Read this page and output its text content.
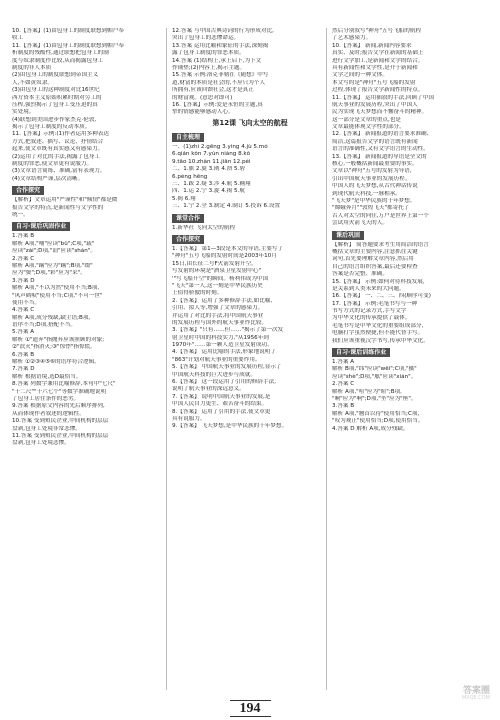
10.【答案】(1)由包身工的制度联想到帕户奉
收工
11.【答案】(1)由包身工的制度联想到帕户奉
析制度的残酷性,通过联想把包身工的制
度与奴隶制度作比较,从而揭露包身工
制度的非人本质
(2)由包身工的制度联想到帝国主义
人,不如黄奴隶。
(3)由包身工的这种制度对比16世纪
西方资本主义原始积累时期对劳工的
压榨,强烈揭示了包身工受压迫的真
实处境。
(4)联想到美国进步作家杰克·伦敦,
揭示了包身工制度的反动本质。
11.【答案】示例:(1)作者运用多种表达
方式,把叙述、描写、议论、抒情结合
起来,使文章既有真实感又有感染力。
(2)运用了对比的手法,揭露了包身工
制度的罪恶,使文章更有说服力。
(3)文章语言简练、准确,富有表现力。
(4)文章结构严谨,层次清晰。
合作探究
【解析】文章运用"严谨性"和"倾情"都是微
报告文学的特点,是新闻性与文学性的
统一。
自习·课后巩固作业
1.答案 B
解析 A项,"哺"应读"bǔ";C项,"载"
应读"zài";D项,"讪"应读"shàn"。
2.答案 C
解析 A项,"蹒"应为"蹒";B项,"缀"
应为"赘";D项,"彩"应为"采"。
3.答案 D
解析 A项,"不以为然"使用不当;B项,
"风声鹤唳"使用不当;C项,"不可一世"
使用不当。
4.答案 C
解析 A项,成分残缺,缺主语;B项,
语序不当;D项,搭配不当。
5.答案 A
解析 ①"遗弃"指抛弃应该照顾的对象;
②"泯灭"指消灭;③"惊悸"指惊慌。
6.答案 B
解析 ①②③④⑤⑥的语序符合逻辑。
7.答案 D
解析 根据语境,选D最恰当。
8.答案 列数字兼用比喻修辞,本句中"七尺"
"十二尺""十六七个"等数字准确地说明
了包身工居住条件的恶劣。
9.答案 根据原文内容的先后顺序排列,
从而体现作者叙述的逻辑性。
10.答案 受到殖民企业,中间机构的层层
盘剥,包身工处境非常悲惨。
11.答案 受到殖民企业,中间机构的层层
盘剥,包身工处境悲惨。
12.答案 与中国古典诗词的行为形成对比,
突出了包身工的悲惨命运。
13.答案 运用比喻和象征的手法,深刻揭
露了包身工制度的罪恶本质。
14.答案 (1)结构上,承上启下,为下文
作铺垫;(2)内容上,揭示主题。
15.答案 示例:洛克菲勒在《随想》中写
道,财富的本质是社会的,不应只为个人
所拥有,应该回馈社会,这才是真正
的财富观。(意思对即可)
16.【答案】示例:爱是永恒的主题,真
挚的情感能够感动人心。
第12课 飞向太空的航程
自主梳理
一、(1)zhì 2.gēng 3.yìng 4.jù 5.mó
6.qián kǒn 7.yùn niàng 8.kǒ
9.tāo 10.zhàn 11.jiān 12.péi
二、1.旗 2.旋 3.阐 4.溃 5.碧
6.péng hēng
三、1.跋 2.疑 3.涉 4.航 5.翱翔
四、1.运 2.宁 3.旋 4.揭 5.航
5.揭 6.翔
三、1.宁 2.全 3.制定 4.制订 5.投诉 6.设置
课堂合作
1.新华社 飞向太空的航程
合作探究
1.【答案】 第1—3段是本文的导语,主要写了
"神舟"五号飞船的发射时间是2003年10月
15日,由长征二号F火箭发射升空。
写发射的环境是"酒泉卫星发射中心"
'"写飞船升空"的瞬间。杨利伟成为中国
"飞天"第一人,这一刻是中华民族历史
上值得骄傲的时刻。
2.【答案】 运用了多种修辞手法,如比喻、
引用、拟人等,增强了文章的感染力。
并运用了对比的手法,将中国航天事业
的发展历程与国外的航天事业作比较。
3.【答案】"只有……但……"揭示了第一次发
射卫星时中国的科技实力,"从1956年到
1970年"……第一颗人造卫星发射成功。
4.【答案】 运用比喻的手法,形象地说明了
"863"计划对航天事业的重要作用。
5.【答案】 中国航天事业的发展历程,显示了
中国航天科技的巨大进步与成就。
6.【答案】 这一段运用了引用的修辞手法,
说明了航天事业的深远意义。
7.【答案】 说明中国航天事业的发展,是
中国人民自力更生、艰苦奋斗的结果。
8.【答案】 运用了引用的手法,使文章更
具有说服力。
9.【答案】 飞天梦想,是中华民族的千年梦想。
然后分别叙写"神舟"五号飞船的航程
了艺术感染力。
10.【答案】 新闻,新闻内容要求
真实、及时;报告文学在新闻的基础上
进行文学加工,是新闻和文学的结合。
具有新闻性和文学性,是介于新闻和
文学之间的一种文体。
本文写的是"神舟"五号飞船的发射
过程,体现了报告文学新闻性的特点。
11.【答案】 运用插叙的手法,回顾了中国
航天事业的发展历程,突出了中国人
民为实现飞天梦想而不懈奋斗的精神。
这一部分是文章的重点,也是
文章最能体现文学性的部分。
12.【答案】 新闻报道的语言要求准确、
简洁,这篇报告文学的语言既有新闻
语言的准确性,又有文学语言的生动性。
13.【答案】 新闻报道的导语是全文的
核心,一般概括新闻最重要的事实。
文章以"神舟"五号的发射为导语,
引出中国航天事业的发展历程。
中国人的飞天梦想,从古代神话传说
到现代航天科技,一脉相承。
"飞天梦"是中华民族的千年梦想。
"嫦娥奔月""敦煌飞天"都寄托了
古人对太空的向往,万户是世界上第一个
尝试用火箭飞天的人。
课后巩固
【解析】 简答题要求考生用简洁的语言
概括文章的主要内容,注意抓住关键
词句,首先要理解文章内容,然后用
自己的语言组织答案,最后还要检查
答案是否完整、准确。
15.【答案】 示例:如何对待科技发展,
是关系到人类未来的大问题。
16.【答案】 一、二、三、四(顺序可变)
17.【答案】 示例:毛笔书写与一种
书写方式的记录方式,手写文字
为中华文化的传承提供了载体。
毛笔书写是中华文化的重要组成部分,
电脑打字虽然便捷,但不能代替手写。
我们应该重视汉字书写,传承中华文化。
自习·课后训练作业
1.答案 A
解析 B项,"纬"应读"wěi";C项,"摄"
应读"shè";D项,"舷"应读"xián"。
2.答案 C
解析 A项,"喧"应为"暄";B项,
"晌"应为"响";D项,"坐"应为"座"。
3.答案 B
解析 A项,"翘首以待"使用恰当;C项,
"叹为观止"使用恰当;D项,使用恰当。
4.答案 D 解析 A项,成分残缺。
194
答案圈
MXQE.COM
